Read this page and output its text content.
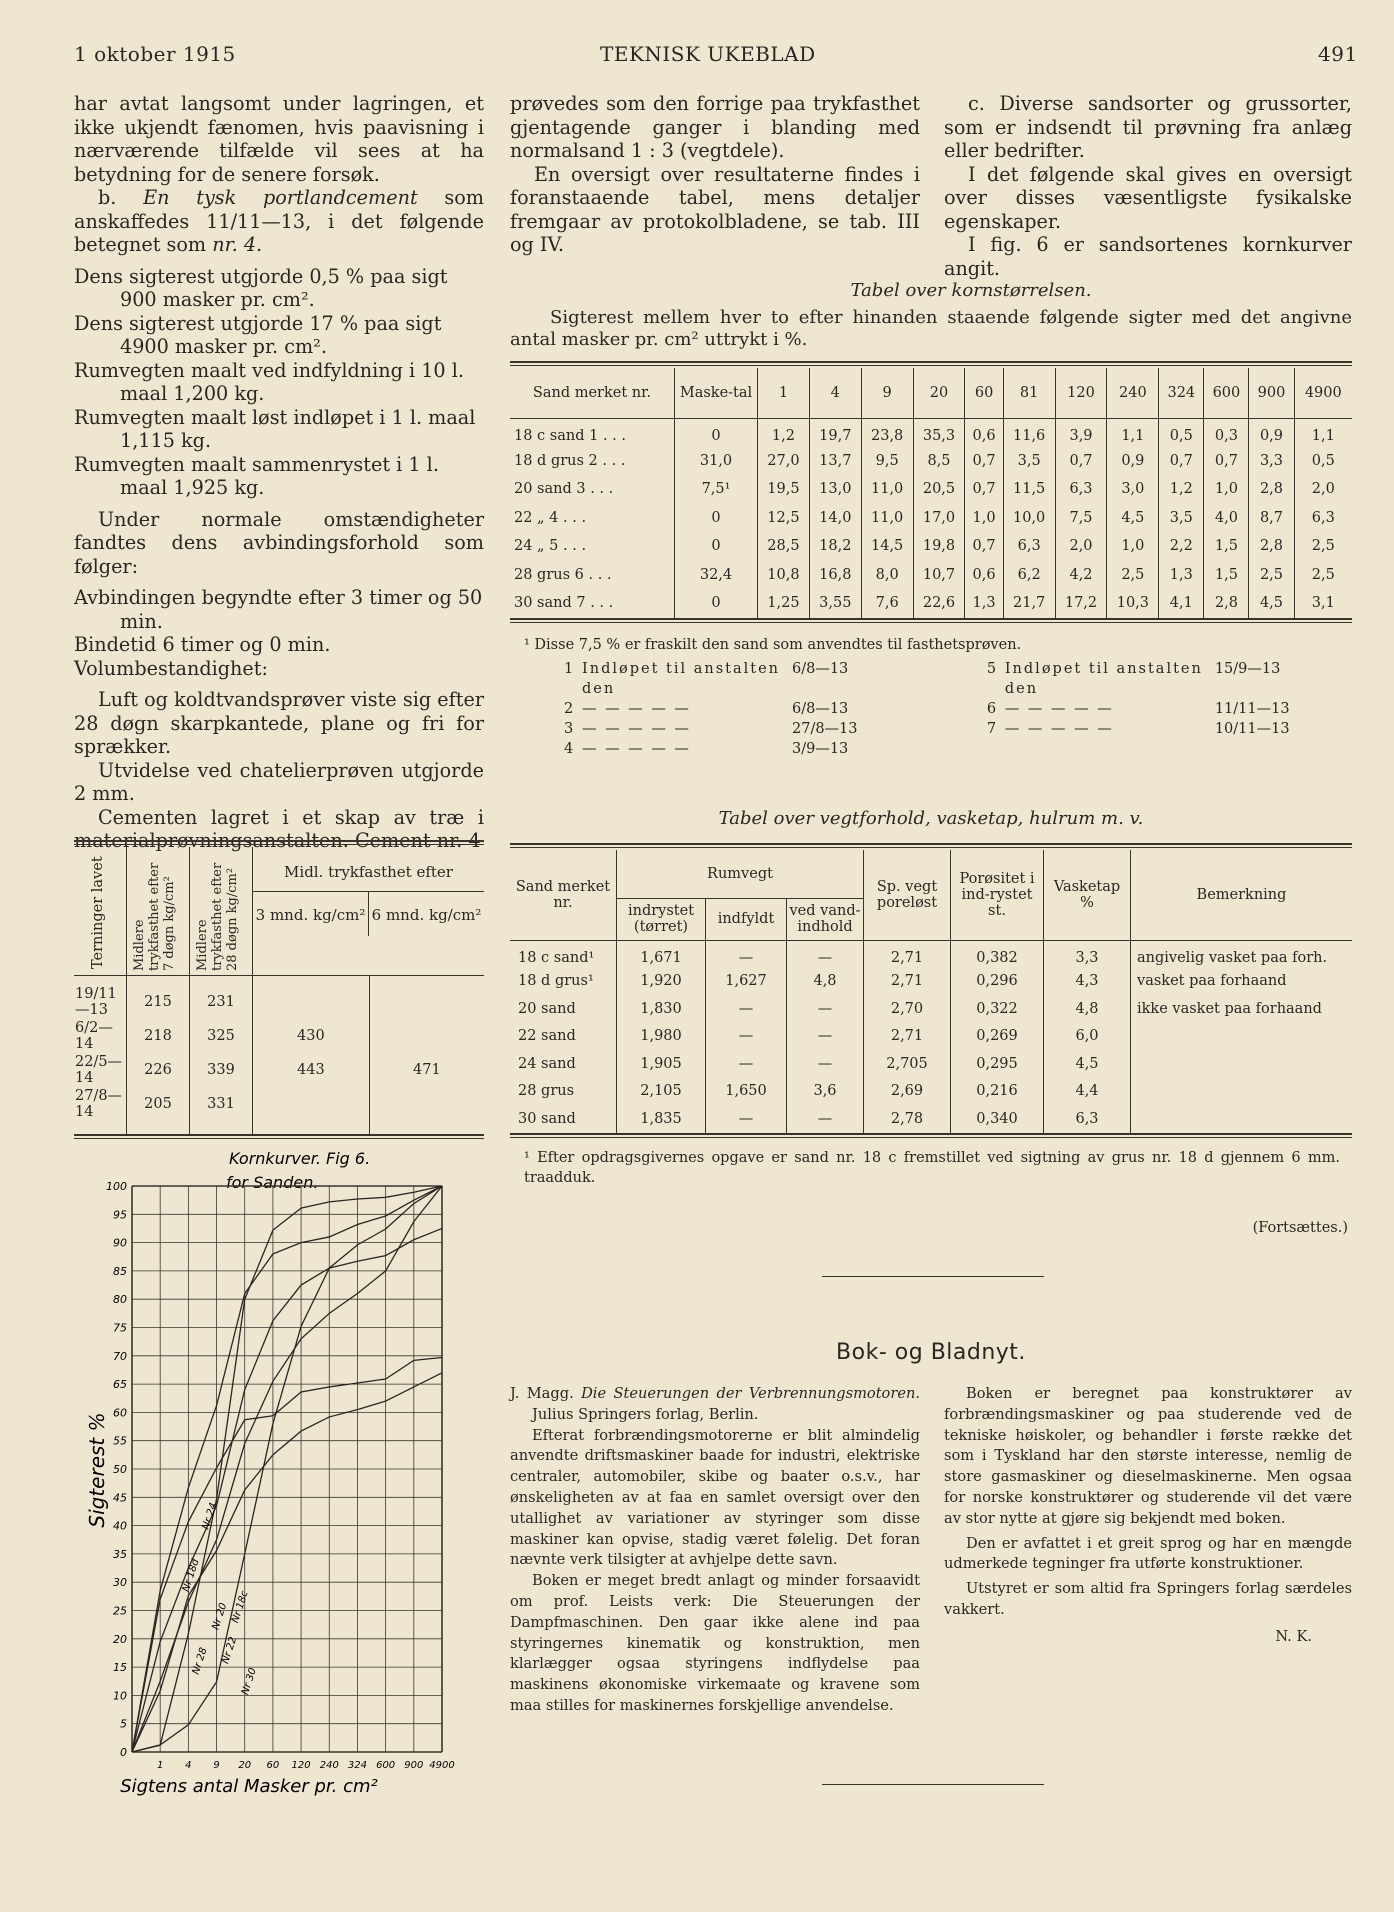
1 oktober 1915	TEKNISK UKEBLAD	491

har avtat langsomt under lagringen, et ikke ukjendt fænomen, hvis paavisning i nærværende tilfælde vil sees at ha betydning for de senere forsøk.

b. En tysk portlandcement som anskaffedes 11/11—13, i det følgende betegnet som nr. 4.

Dens sigterest utgjorde 0,5 % paa sigt 900 masker pr. cm².

Dens sigterest utgjorde 17 % paa sigt 4900 masker pr. cm².

Rumvegten maalt ved indfyldning i 10 l. maal 1,200 kg.

Rumvegten maalt løst indløpet i 1 l. maal 1,115 kg.

Rumvegten maalt sammenrystet i 1 l. maal 1,925 kg.

Under normale omstændigheter fandtes dens avbindingsforhold som følger:

Avbindingen begyndte efter 3 timer og 50 min.

Bindetid 6 timer og 0 min.

Volumbestandighet:

Luft og koldtvandsprøver viste sig efter 28 døgn skarpkantede, plane og fri for sprækker.

Utvidelse ved chatelierprøven utgjorde 2 mm.

Cementen lagret i et skap av træ i materialprøvningsanstalten. Cement nr. 4

Terninger lavet	Midlere trykfasthet efter 7 døgn kg/cm²	Midlere trykfasthet efter 28 døgn kg/cm²	Midl. trykfasthet efter
3 mnd. kg/cm² 6 mnd. kg/cm²
19/11—13	215	231		
6/2—14	218	325	430	
22/5—14	226	339	443	471
27/8—14	205	331		
Kornkurver. Fig 6.
for Sanden.
0
5
10
15
20
25
30
35
40
45
50
55
60
65
70
75
80
85
90
95
100
1 4 9 20 60 120 240 324 600 900 4900
Nr 18d
Nr 28
Nr 24
Nr 20
Nr 22
Nr 18c
Nr 30
Sigterest %
Sigtens antal Masker pr. cm²

prøvedes som den forrige paa trykfasthet gjentagende ganger i blanding med normalsand 1 : 3 (vegtdele).

En oversigt over resultaterne findes i foranstaaende tabel, mens detaljer fremgaar av protokolbladene, se tab. III og IV.

c. Diverse sandsorter og grussorter, som er indsendt til prøvning fra anlæg eller bedrifter.

I det følgende skal gives en oversigt over disses væsentligste fysikalske egenskaper.

I fig. 6 er sandsortenes kornkurver angit.

Tabel over kornstørrelsen.
Sigterest mellem hver to efter hinanden staaende følgende sigter med det angivne antal masker pr. cm² uttrykt i %.
Sand merket nr.	Maske-tal	1	4	9	20	60	81	120	240	324	600	900	4900
18 c sand 1 . . .	0	1,2	19,7	23,8	35,3	0,6	11,6	3,9	1,1	0,5	0,3	0,9	1,1
18 d grus 2 . . .	31,0	27,0	13,7	9,5	8,5	0,7	3,5	0,7	0,9	0,7	0,7	3,3	0,5
20 sand 3 . . .	7,5¹	19,5	13,0	11,0	20,5	0,7	11,5	6,3	3,0	1,2	1,0	2,8	2,0
22 „ 4 . . .	0	12,5	14,0	11,0	17,0	1,0	10,0	7,5	4,5	3,5	4,0	8,7	6,3
24 „ 5 . . .	0	28,5	18,2	14,5	19,8	0,7	6,3	2,0	1,0	2,2	1,5	2,8	2,5
28 grus 6 . . .	32,4	10,8	16,8	8,0	10,7	0,6	6,2	4,2	2,5	1,3	1,5	2,5	2,5
30 sand 7 . . .	0	1,25	3,55	7,6	22,6	1,3	21,7	17,2	10,3	4,1	2,8	4,5	3,1
¹ Disse 7,5 % er fraskilt den sand som anvendtes til fasthetsprøven.
1 Indløpet til anstalten den
6/8—13
2 — — — — —	6/8—13
3 — — — — —	27/8—13
4 — — — — —	3/9—13
5 Indløpet til anstalten den
15/9—13
6 — — — — —	11/11—13
7 — — — — —	10/11—13
Tabel over vegtforhold, vasketap, hulrum m. v.
Sand merket nr.	Rumvegt			Sp. vegt poreløst	Porøsitet i ind-rystet st.	Vasketap %	Bemerkning
	indrystet (tørret)	indfyldt	ved vand-indhold				
18 c sand¹	1,671	—	—	2,71	0,382	3,3	angivelig vasket paa forh.
18 d grus¹	1,920	1,627	4,8	2,71	0,296	4,3	vasket paa forhaand
20 sand	1,830	—	—	2,70	0,322	4,8	ikke vasket paa forhaand
22 sand	1,980	—	—	2,71	0,269	6,0	
24 sand	1,905	—	—	2,705	0,295	4,5	
28 grus	2,105	1,650	3,6	2,69	0,216	4,4	
30 sand	1,835	—	—	2,78	0,340	6,3	
¹ Efter opdragsgivernes opgave er sand nr. 18 c fremstillet ved sigtning av grus nr. 18 d gjennem 6 mm. traadduk.
(Fortsættes.)
Bok- og Bladnyt.

J. Magg. Die Steuerungen der Verbrennungsmotoren. Julius Springers forlag, Berlin.

Efterat forbrændingsmotorerne er blit almindelig anvendte driftsmaskiner baade for industri, elektriske centraler, automobiler, skibe og baater o.s.v., har ønskeligheten av at faa en samlet oversigt over den utallighet av variationer av styringer som disse maskiner kan opvise, stadig været følelig. Det foran nævnte verk tilsigter at avhjelpe dette savn.

Boken er meget bredt anlagt og minder forsaavidt om prof. Leists verk: Die Steuerungen der Dampfmaschinen. Den gaar ikke alene ind paa styringernes kinematik og konstruktion, men klarlægger ogsaa styringens indflydelse paa maskinens økonomiske virkemaate og kravene som maa stilles for maskinernes forskjellige anvendelse.

Boken er beregnet paa konstruktører av forbrændingsmaskiner og paa studerende ved de tekniske høiskoler, og behandler i første række det som i Tyskland har den største interesse, nemlig de store gasmaskiner og dieselmaskinerne. Men ogsaa for norske konstruktører og studerende vil det være av stor nytte at gjøre sig bekjendt med boken.

Den er avfattet i et greit sprog og har en mængde udmerkede tegninger fra utførte konstruktioner.

Utstyret er som altid fra Springers forlag særdeles vakkert.

N. K.
